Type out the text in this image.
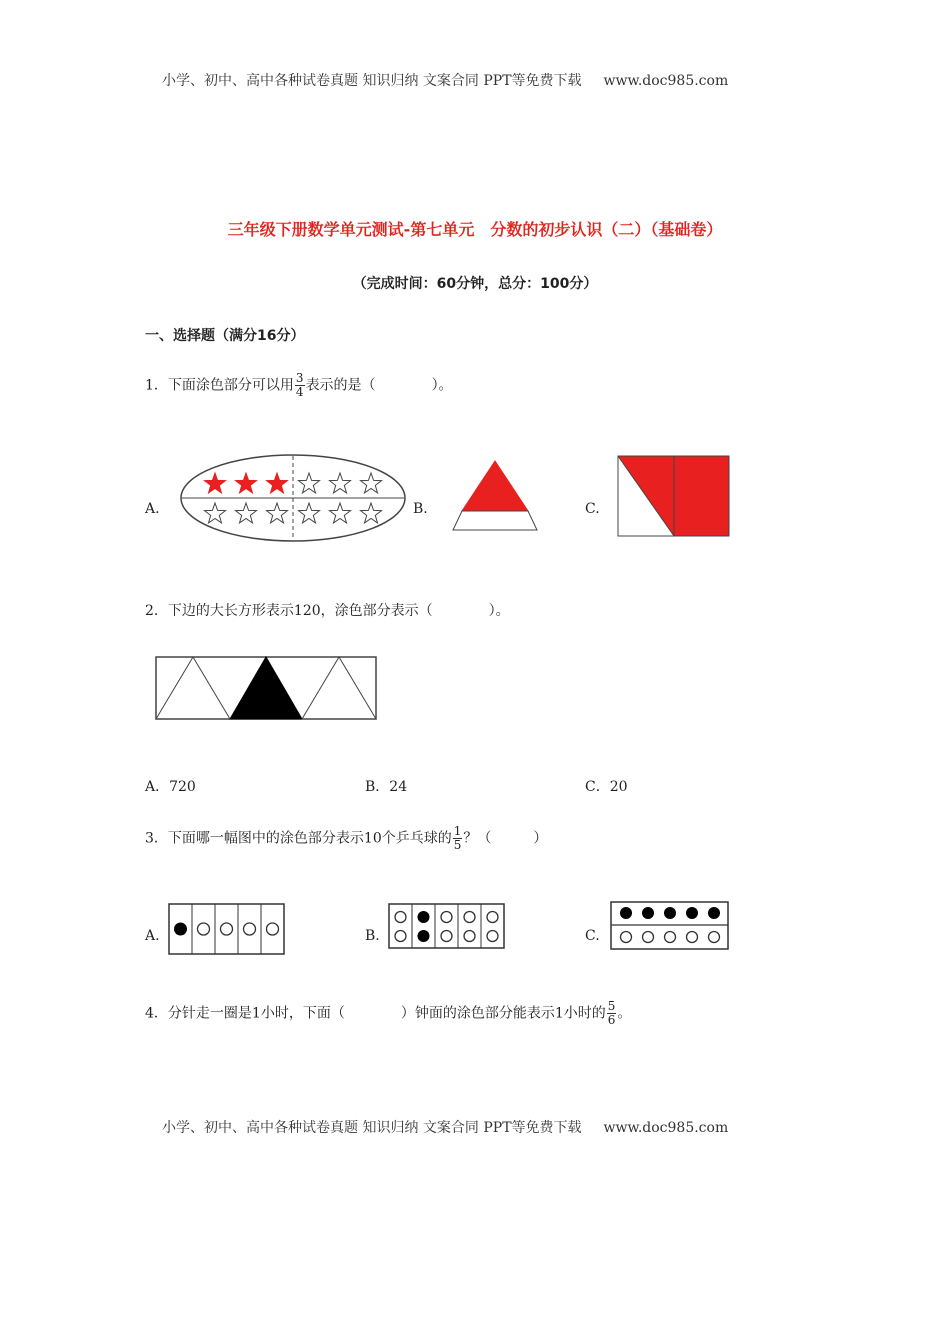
小学、初中、高中各种试卷真题 知识归纳 文案合同 PPT等免费下载 www.doc985.com
三年级下册数学单元测试-第七单元　分数的初步认识（二）（基础卷）
（完成时间：60分钟，总分：100分）
一、选择题（满分16分）
1．下面涂色部分可以用 $\frac{3}{4}$ 表示的是（	）。
A.	B.	C.
2．下边的大长方形表示120，涂色部分表示（	）。
A．720	B．24	C．20
3．下面哪一幅图中的涂色部分表示10个乒乓球的 $\frac{1}{5}$ ？（　　　）
A.	B.	C.
4．分针走一圈是1小时，下面（	）钟面的涂色部分能表示1小时的 $\frac{5}{6}$ 。
小学、初中、高中各种试卷真题 知识归纳 文案合同 PPT等免费下载 www.doc985.com
